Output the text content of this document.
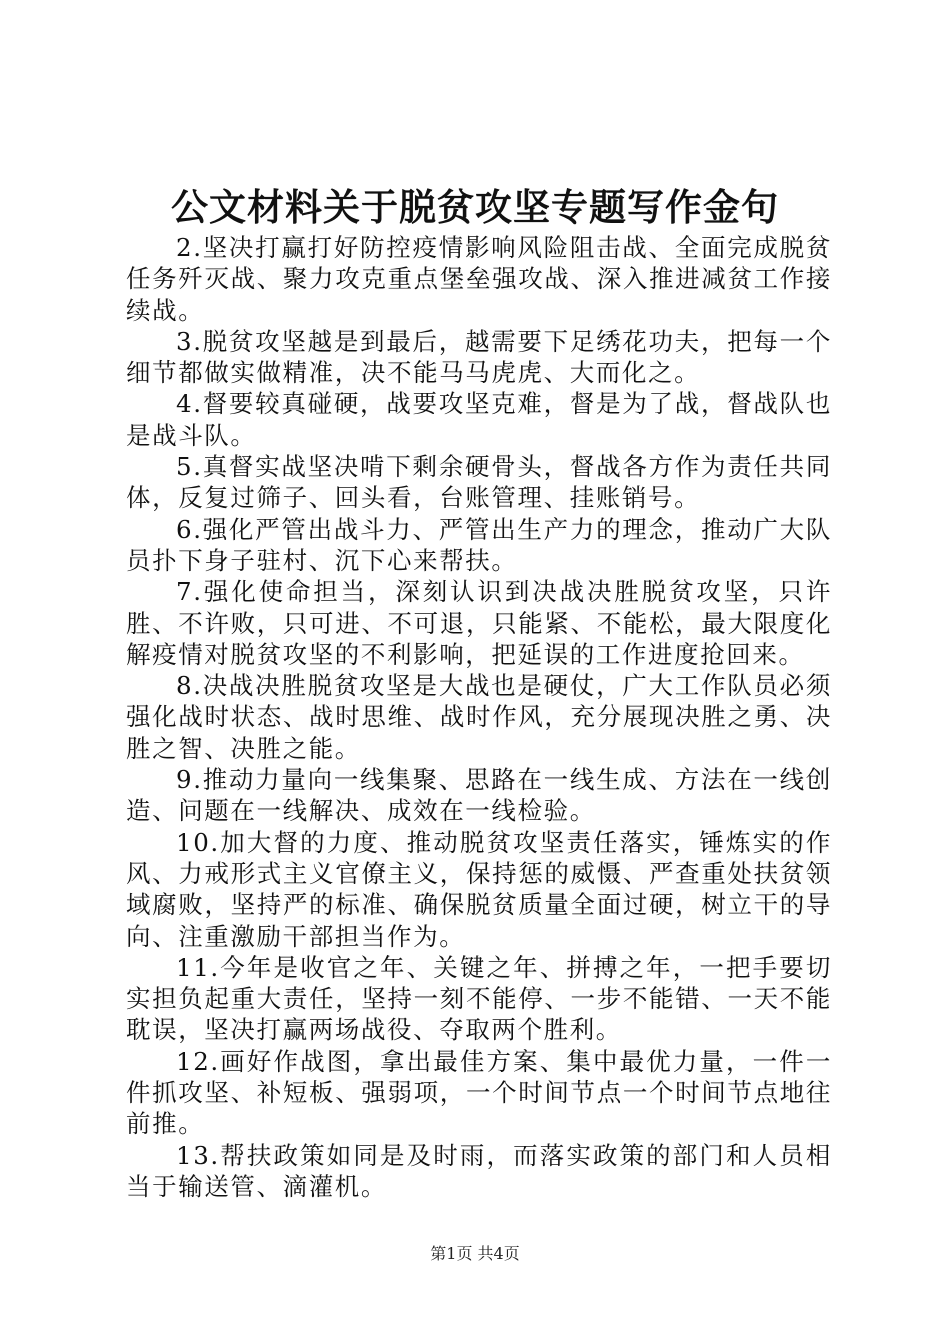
公文材料关于脱贫攻坚专题写作金句

2.坚决打赢打好防控疫情影响风险阻击战、全面完成脱贫任务歼灭战、聚力攻克重点堡垒强攻战、深入推进减贫工作接续战。

3.脱贫攻坚越是到最后，越需要下足绣花功夫，把每一个细节都做实做精准，决不能马马虎虎、大而化之。

4.督要较真碰硬，战要攻坚克难，督是为了战，督战队也是战斗队。

5.真督实战坚决啃下剩余硬骨头，督战各方作为责任共同体，反复过筛子、回头看，台账管理、挂账销号。

6.强化严管出战斗力、严管出生产力的理念，推动广大队员扑下身子驻村、沉下心来帮扶。

7.强化使命担当，深刻认识到决战决胜脱贫攻坚，只许胜、不许败，只可进、不可退，只能紧、不能松，最大限度化解疫情对脱贫攻坚的不利影响，把延误的工作进度抢回来。

8.决战决胜脱贫攻坚是大战也是硬仗，广大工作队员必须强化战时状态、战时思维、战时作风，充分展现决胜之勇、决胜之智、决胜之能。

9.推动力量向一线集聚、思路在一线生成、方法在一线创造、问题在一线解决、成效在一线检验。

10.加大督的力度、推动脱贫攻坚责任落实，锤炼实的作风、力戒形式主义官僚主义，保持惩的威慑、严查重处扶贫领域腐败，坚持严的标准、确保脱贫质量全面过硬，树立干的导向、注重激励干部担当作为。

11.今年是收官之年、关键之年、拼搏之年，一把手要切实担负起重大责任，坚持一刻不能停、一步不能错、一天不能耽误，坚决打赢两场战役、夺取两个胜利。

12.画好作战图，拿出最佳方案、集中最优力量，一件一件抓攻坚、补短板、强弱项，一个时间节点一个时间节点地往前推。

13.帮扶政策如同是及时雨，而落实政策的部门和人员相当于输送管、滴灌机。

第1页 共4页
